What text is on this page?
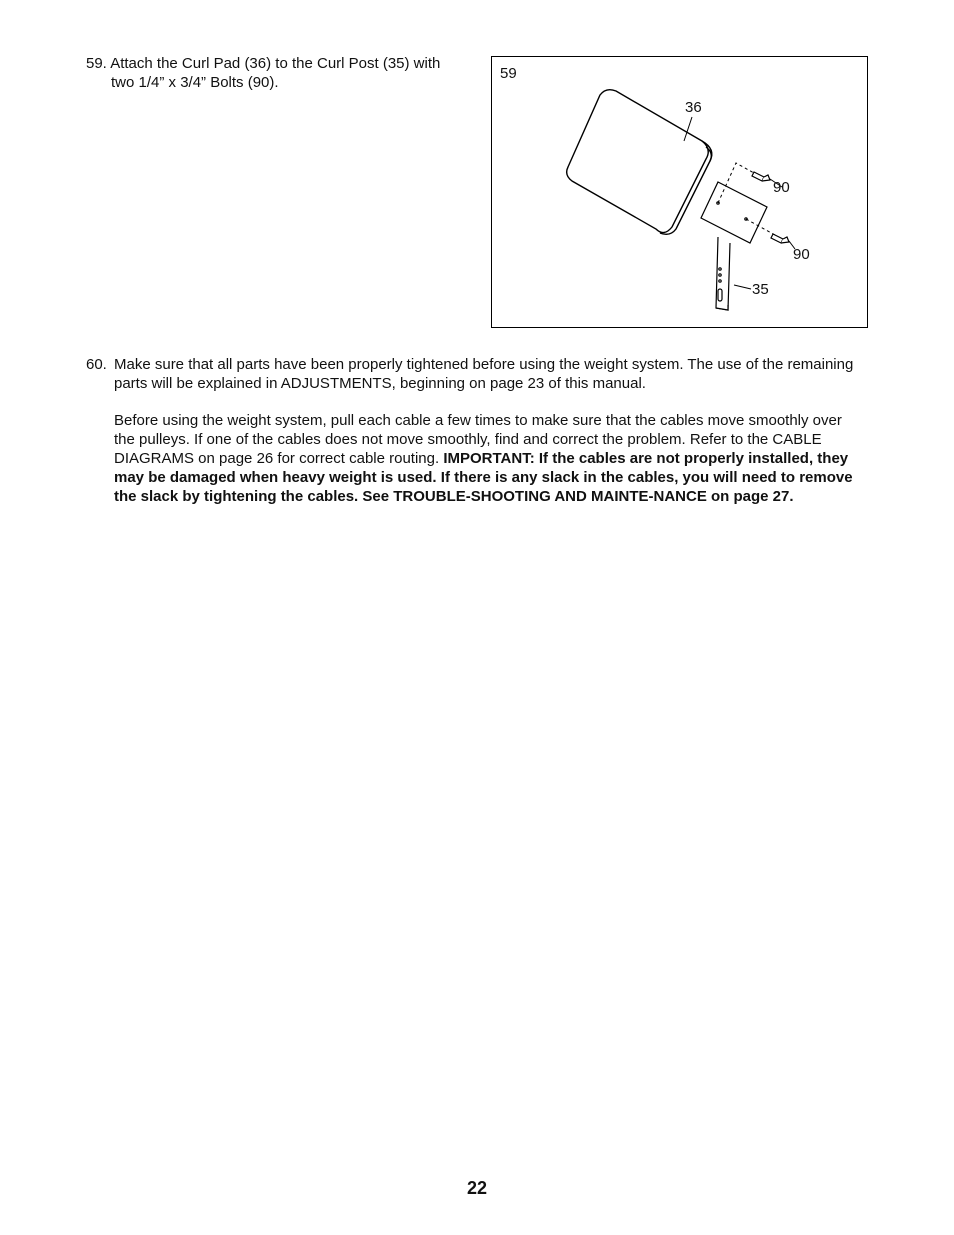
59. Attach the Curl Pad (36) to the Curl Post (35) with
two 1/4” x 3/4” Bolts (90).
59
36
90
90
35
60. Make sure that all parts have been properly tightened before using the weight system. The use of the remaining parts will be explained in ADJUSTMENTS, beginning on page 23 of this manual.
Before using the weight system, pull each cable a few times to make sure that the cables move smoothly over the pulleys. If one of the cables does not move smoothly, find and correct the problem. Refer to the CABLE DIAGRAMS on page 26 for correct cable routing. IMPORTANT: If the cables are not properly installed, they may be damaged when heavy weight is used. If there is any slack in the cables, you will need to remove the slack by tightening the cables. See TROUBLE-SHOOTING AND MAINTE-NANCE on page 27.
22
